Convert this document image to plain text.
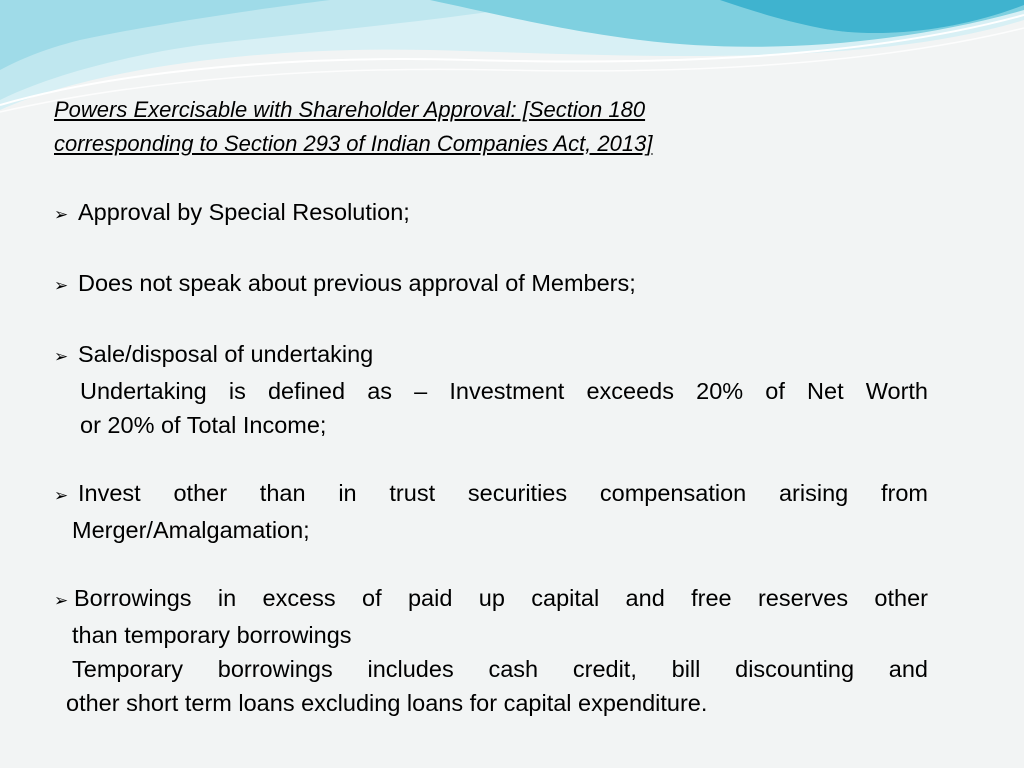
Powers Exercisable with Shareholder Approval: [Section 180
corresponding to Section 293 of Indian Companies Act, 2013]
➢ Approval by Special Resolution;
➢ Does not speak about previous approval of Members;
➢ Sale/disposal of undertaking
Undertaking is defined as – Investment exceeds 20% of Net Worth
or 20% of Total Income;
➢ Invest other than in trust securities compensation arising from
Merger/Amalgamation;
➢ Borrowings in excess of paid up capital and free reserves other
than temporary borrowings
Temporary borrowings includes cash credit, bill discounting and
other short term loans excluding loans for capital expenditure.
